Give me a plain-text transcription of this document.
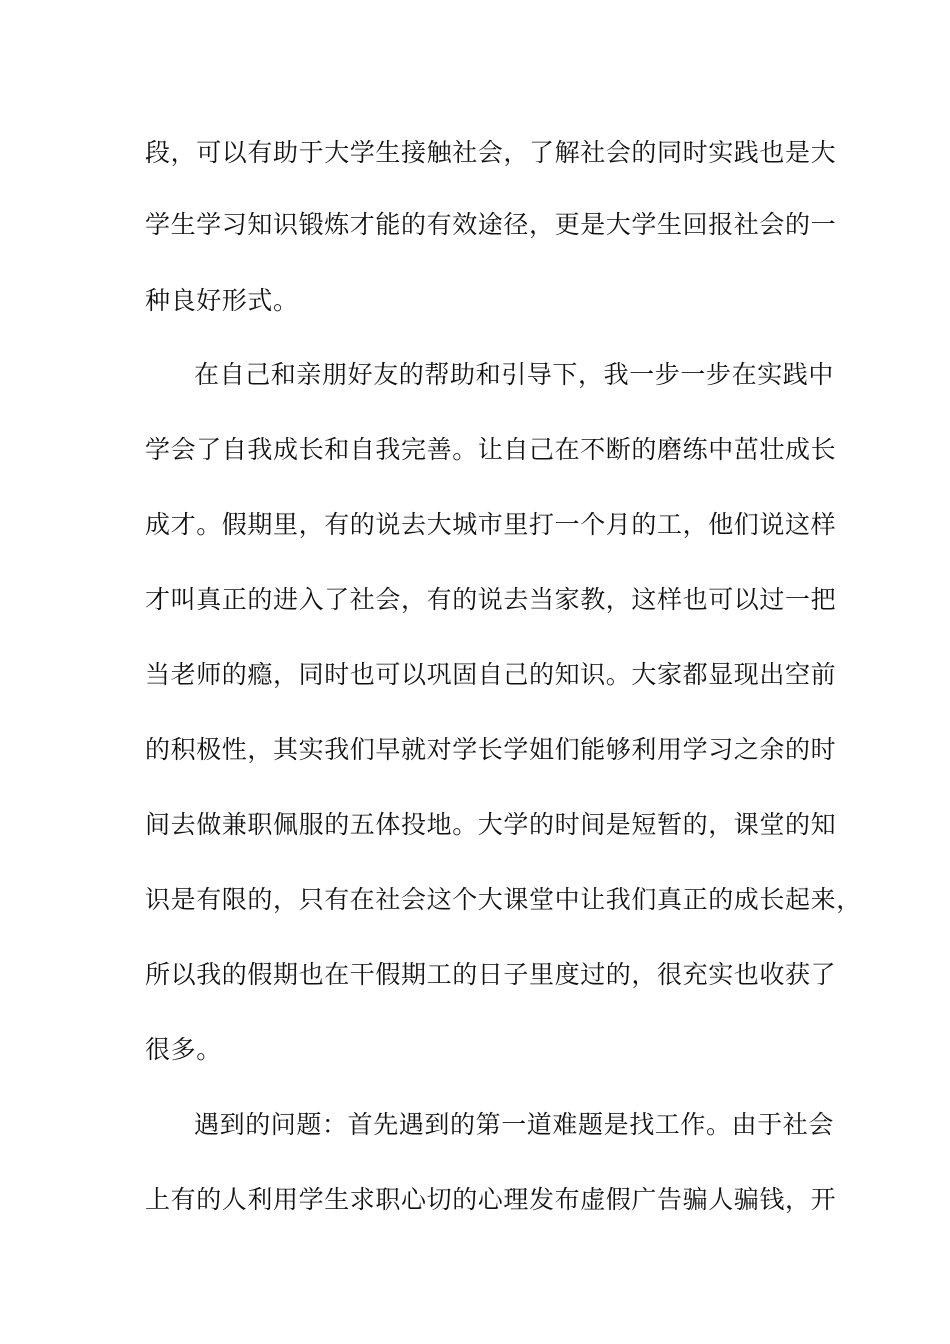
段，可以有助于大学生接触社会，了解社会的同时实践也是大
学生学习知识锻炼才能的有效途径，更是大学生回报社会的一
种良好形式。
在自己和亲朋好友的帮助和引导下，我一步一步在实践中
学会了自我成长和自我完善。让自己在不断的磨练中茁壮成长
成才。假期里，有的说去大城市里打一个月的工，他们说这样
才叫真正的进入了社会，有的说去当家教，这样也可以过一把
当老师的瘾，同时也可以巩固自己的知识。大家都显现出空前
的积极性，其实我们早就对学长学姐们能够利用学习之余的时
间去做兼职佩服的五体投地。大学的时间是短暂的，课堂的知
识是有限的，只有在社会这个大课堂中让我们真正的成长起来，
所以我的假期也在干假期工的日子里度过的，很充实也收获了
很多。
遇到的问题：首先遇到的第一道难题是找工作。由于社会
上有的人利用学生求职心切的心理发布虚假广告骗人骗钱，开
